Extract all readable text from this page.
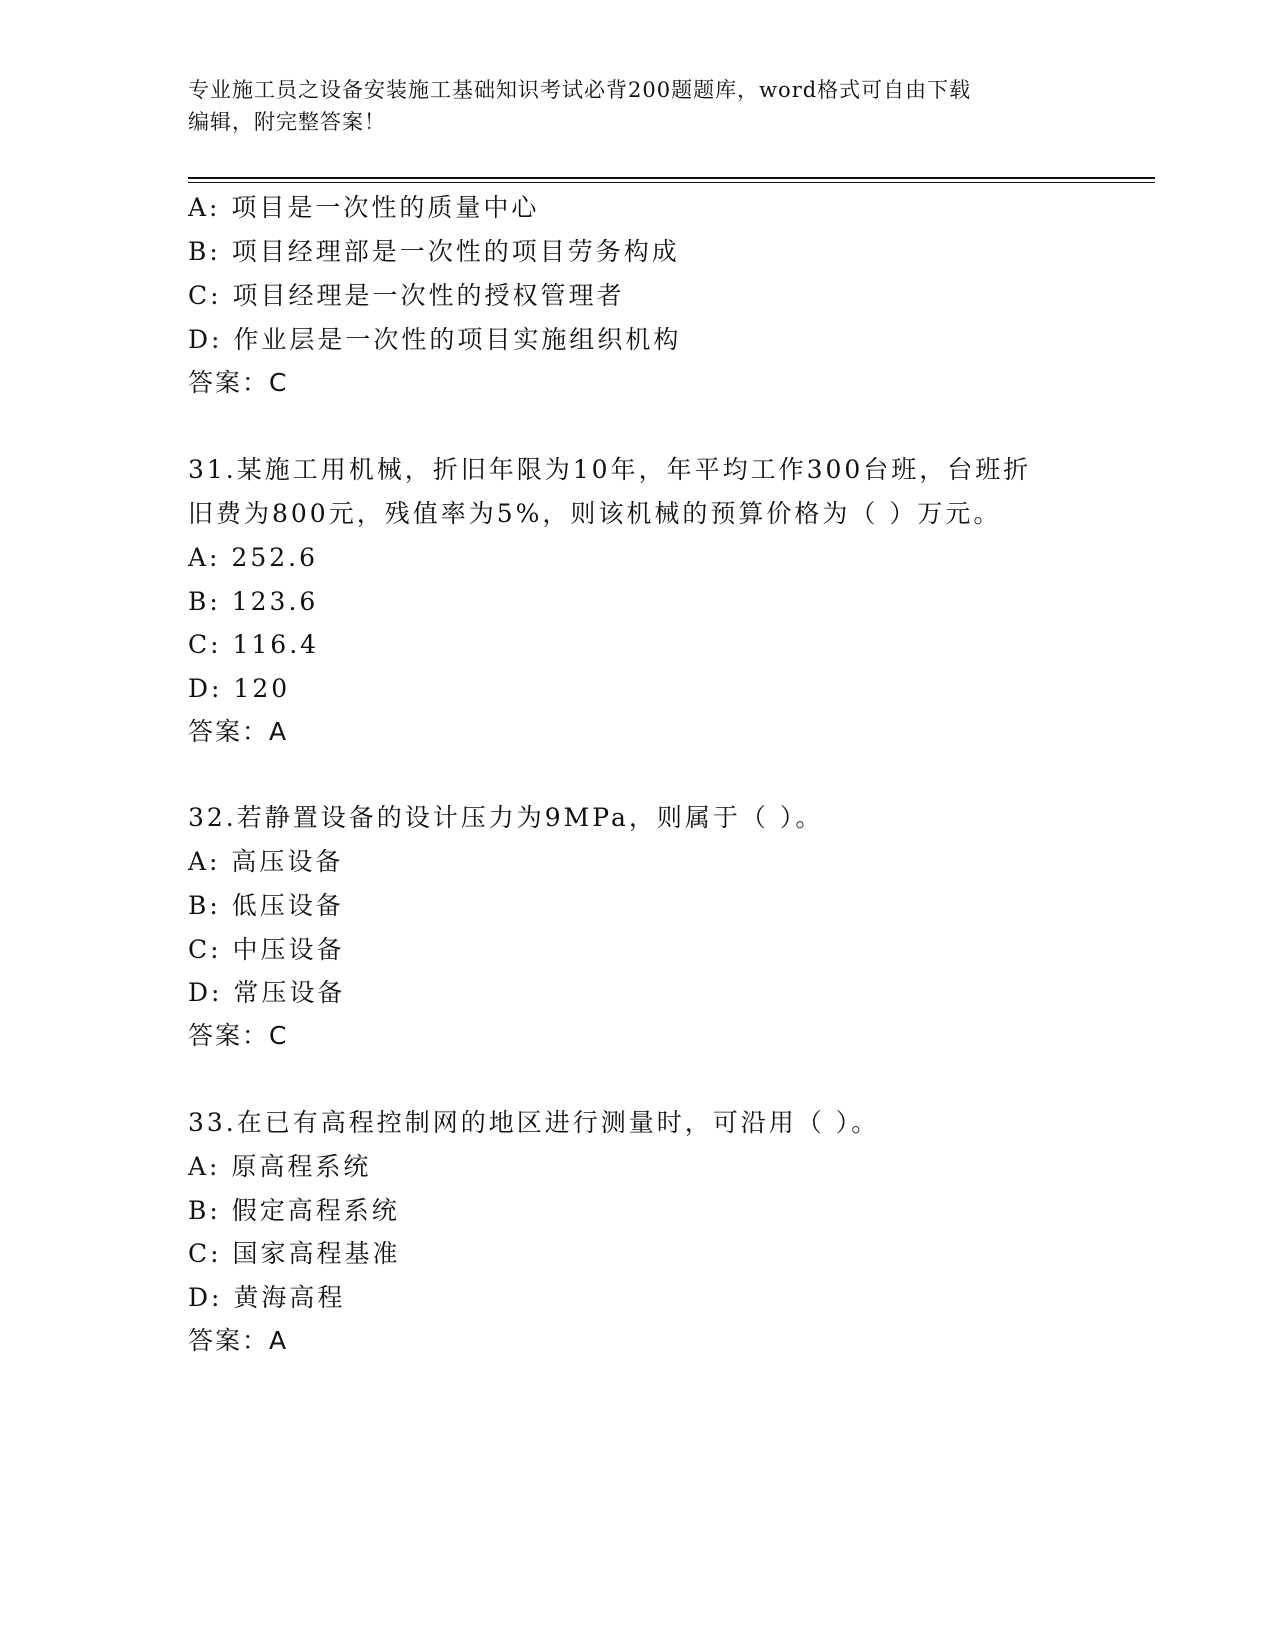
专业施工员之设备安装施工基础知识考试必背200题题库，word格式可自由下载
编辑，附完整答案！
A: 项目是一次性的质量中心
B: 项目经理部是一次性的项目劳务构成
C: 项目经理是一次性的授权管理者
D: 作业层是一次性的项目实施组织机构
答案：C
31.某施工用机械，折旧年限为10年，年平均工作300台班，台班折
旧费为800元，残值率为5%，则该机械的预算价格为（ ）万元。
A: 252.6
B: 123.6
C: 116.4
D: 120
答案：A
32.若静置设备的设计压力为9MPa，则属于（ ）。
A: 高压设备
B: 低压设备
C: 中压设备
D: 常压设备
答案：C
33.在已有高程控制网的地区进行测量时，可沿用（ ）。
A: 原高程系统
B: 假定高程系统
C: 国家高程基准
D: 黄海高程
答案：A
